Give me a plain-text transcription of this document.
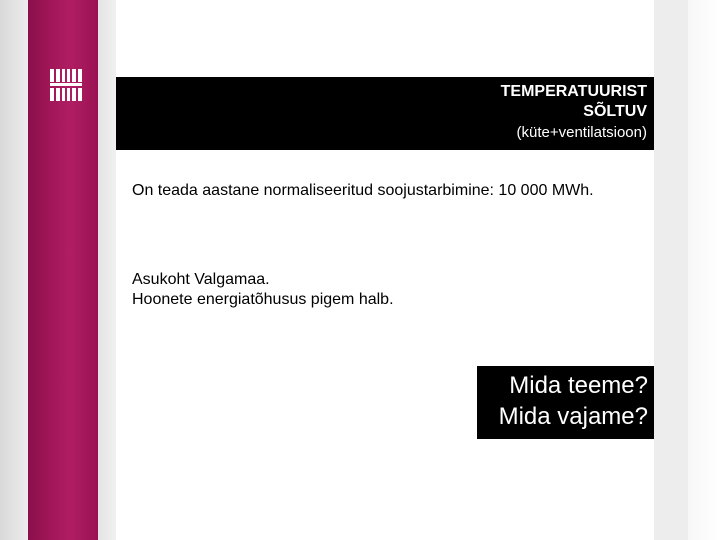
TEMPERATUURIST
SÕLTUV
(küte+ventilatsioon)

On teada aastane normaliseeritud soojustarbimine: 10 000 MWh.

Asukoht Valgamaa.

Hoonete energiatõhusus pigem halb.

Mida teeme?
Mida vajame?
